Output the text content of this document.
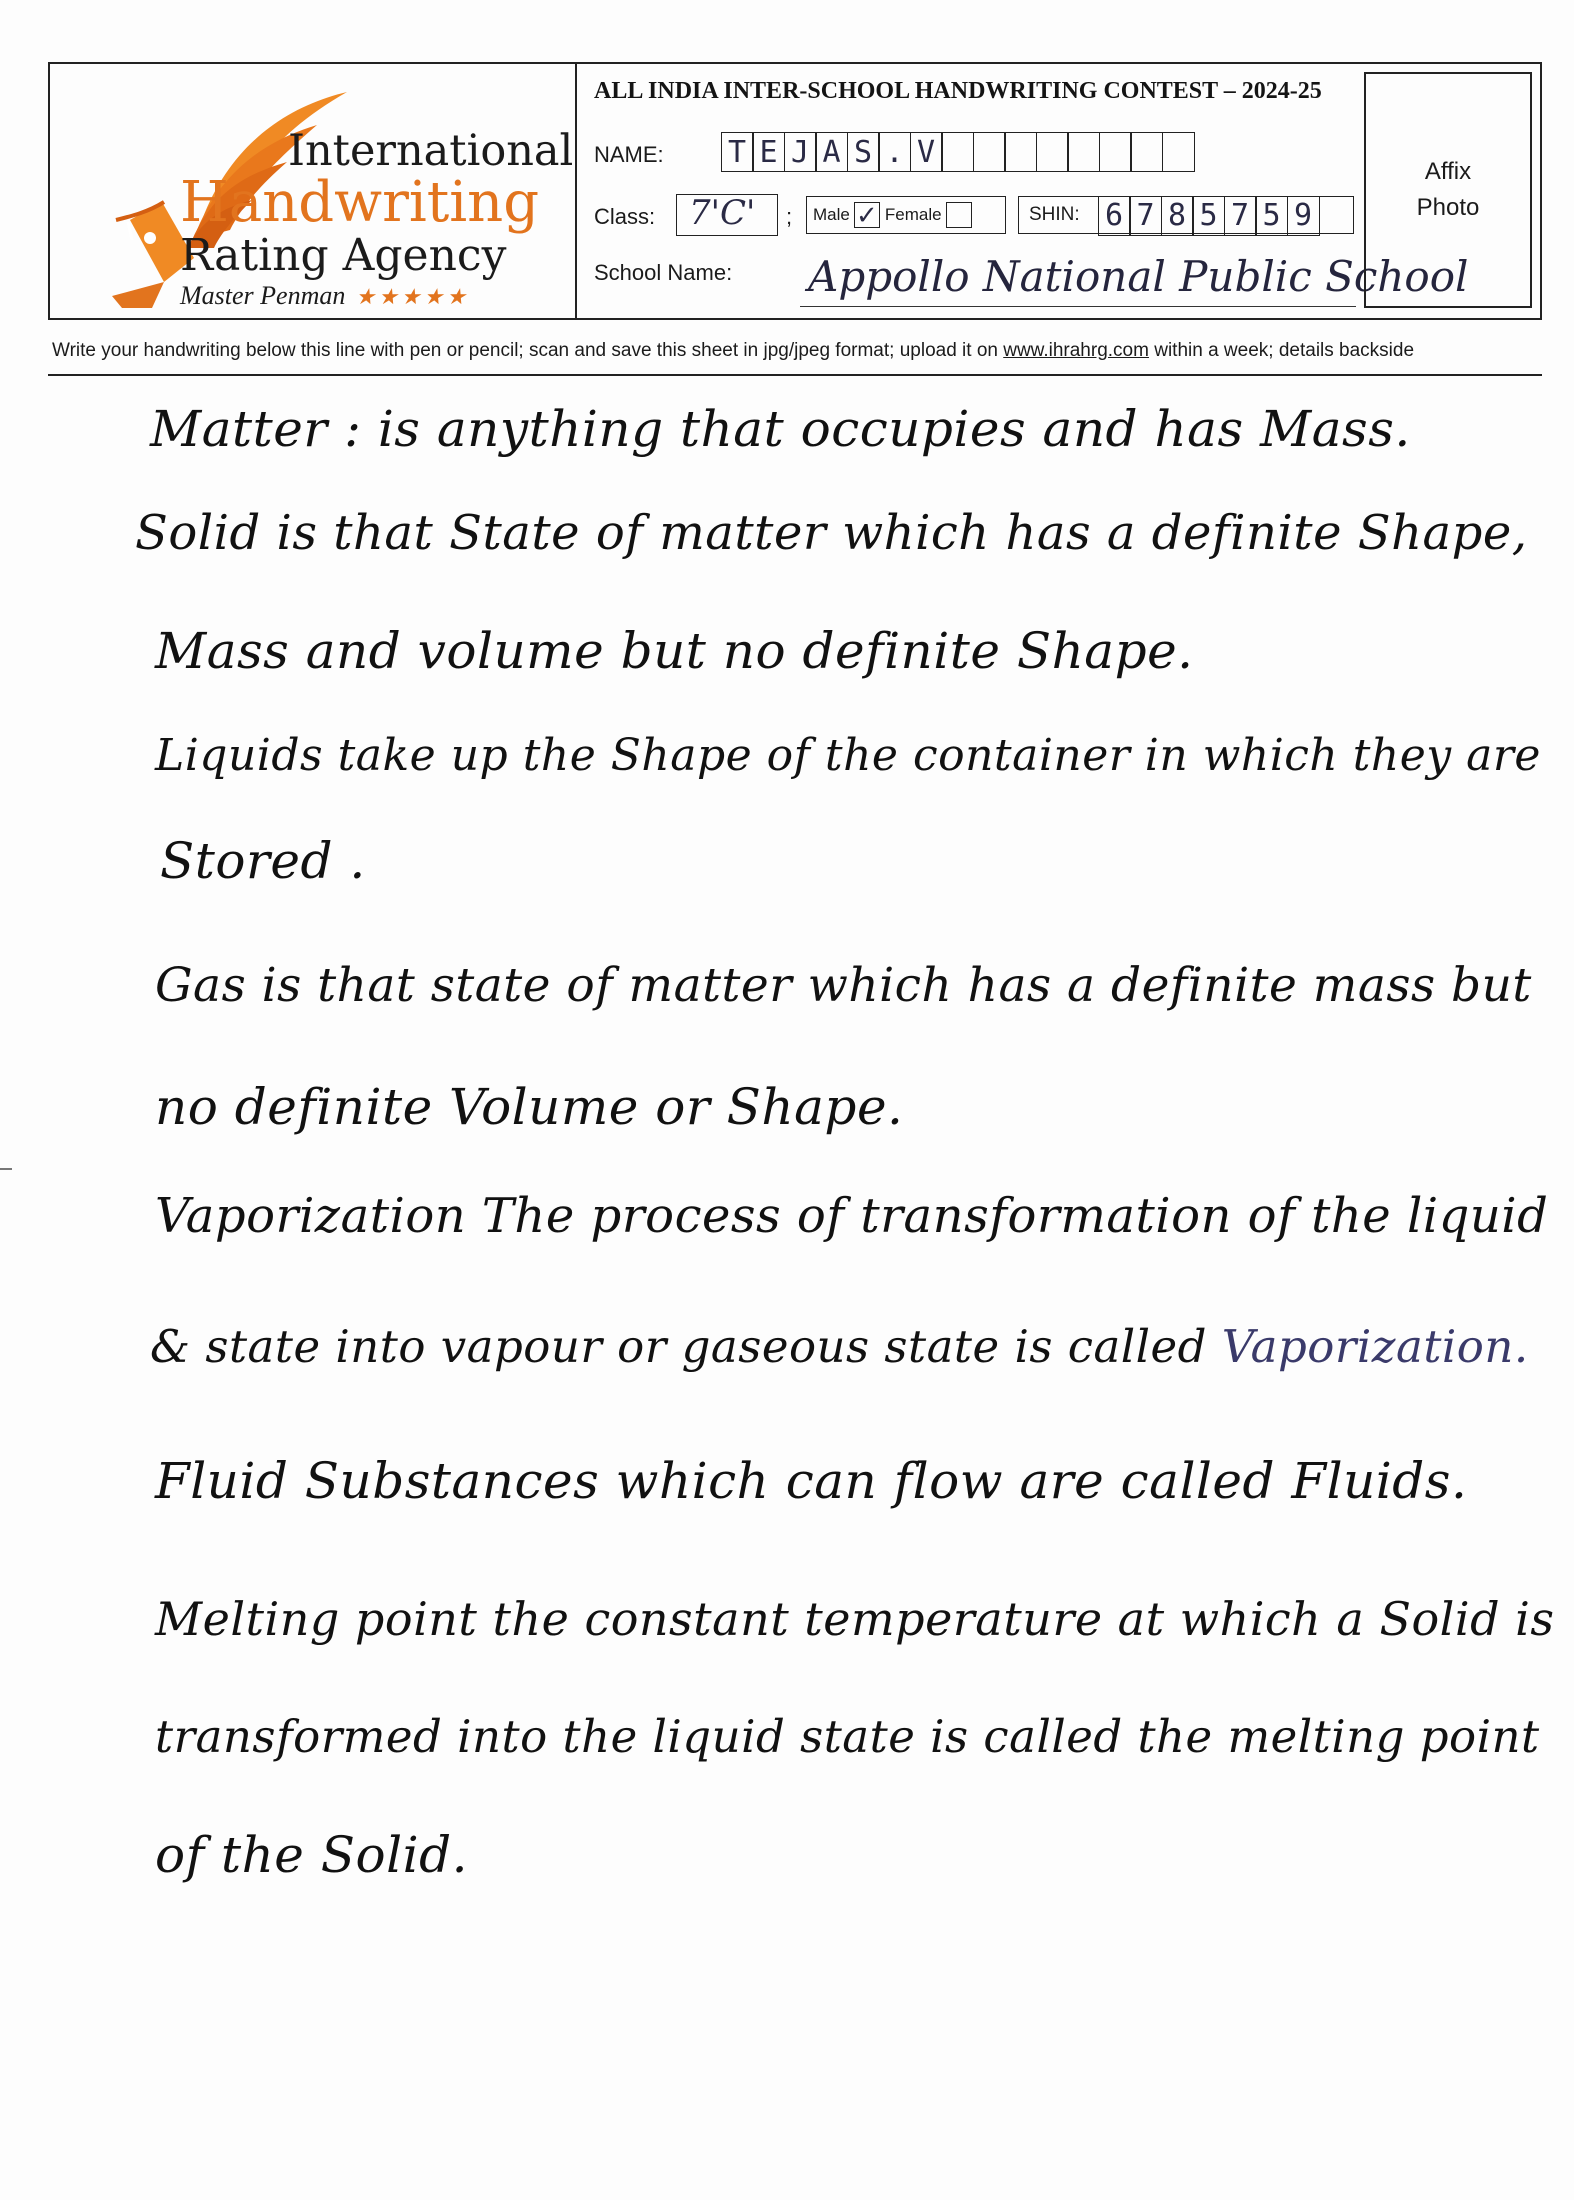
International
Handwriting
Rating Agency
Master Penman ★★★★★
ALL INDIA INTER-SCHOOL HANDWRITING CONTEST – 2024-25
NAME: T E J A S . V
Class: 7'C' ; Male ✓ Female	SHIN: 6 7 8 5 7 5 9
School Name: Appollo National Public School
Affix
Photo
Write your handwriting below this line with pen or pencil; scan and save this sheet in jpg/jpeg format; upload it on www.ihrahrg.com within a week; details backside
Matter : is anything that occupies and has Mass.
Solid is that State of matter which has a definite Shape,
Mass and volume but no definite Shape.
Liquids take up the Shape of the container in which they are
Stored .
Gas is that state of matter which has a definite mass but
no definite Volume or Shape.
Vaporization The process of transformation of the liquid
& state into vapour or gaseous state is called Vaporization.
Fluid Substances which can flow are called Fluids.
Melting point the constant temperature at which a Solid is
transformed into the liquid state is called the melting point
of the Solid.
